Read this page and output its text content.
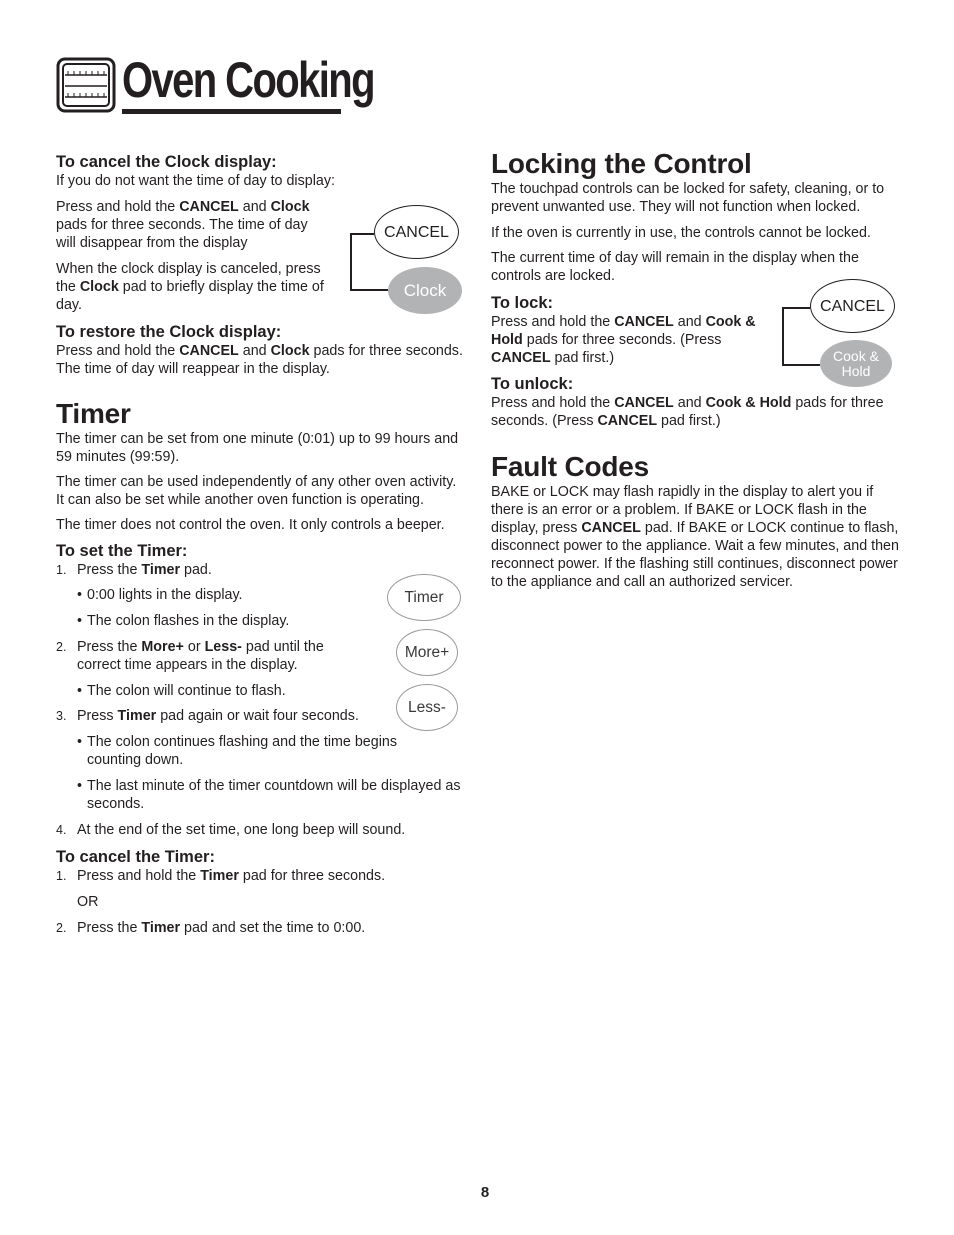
Oven Cooking

To cancel the Clock display:

If you do not want the time of day to display:

Press and hold the CANCEL and Clock pads for three seconds. The time of day will disappear from the display

When the clock display is canceled, press the Clock pad to briefly display the time of day.

To restore the Clock display:

Press and hold the CANCEL and Clock pads for three seconds. The time of day will reappear in the display.

Timer

The timer can be set from one minute (0:01) up to 99 hours and 59 minutes (99:59).

The timer can be used independently of any other oven activity. It can also be set while another oven function is operating.

The timer does not control the oven. It only controls a beeper.

To set the Timer:

1. Press the Timer pad.

• 0:00 lights in the display.

• The colon flashes in the display.

2. Press the More+ or Less- pad until the correct time appears in the display.

• The colon will continue to flash.

3. Press Timer pad again or wait four seconds.

• The colon continues flashing and the time begins counting down.

• The last minute of the timer countdown will be displayed as seconds.

4. At the end of the set time, one long beep will sound.

To cancel the Timer:

1. Press and hold the Timer pad for three seconds.

OR

2. Press the Timer pad and set the time to 0:00.

CANCEL
Clock
Timer
More+
Less-

Locking the Control

The touchpad controls can be locked for safety, cleaning, or to prevent unwanted use. They will not function when locked.

If the oven is currently in use, the controls cannot be locked.

The current time of day will remain in the display when the controls are locked.

To lock:

Press and hold the CANCEL and Cook & Hold pads for three seconds. (Press CANCEL pad first.)

To unlock:

Press and hold the CANCEL and Cook & Hold pads for three seconds. (Press CANCEL pad first.)

Fault Codes

BAKE or LOCK may flash rapidly in the display to alert you if there is an error or a problem. If BAKE or LOCK flash in the display, press CANCEL pad. If BAKE or LOCK continue to flash, disconnect power to the appliance. Wait a few minutes, and then reconnect power. If the flashing still continues, disconnect power to the appliance and call an authorized servicer.

CANCEL
Cook &
Hold
8
